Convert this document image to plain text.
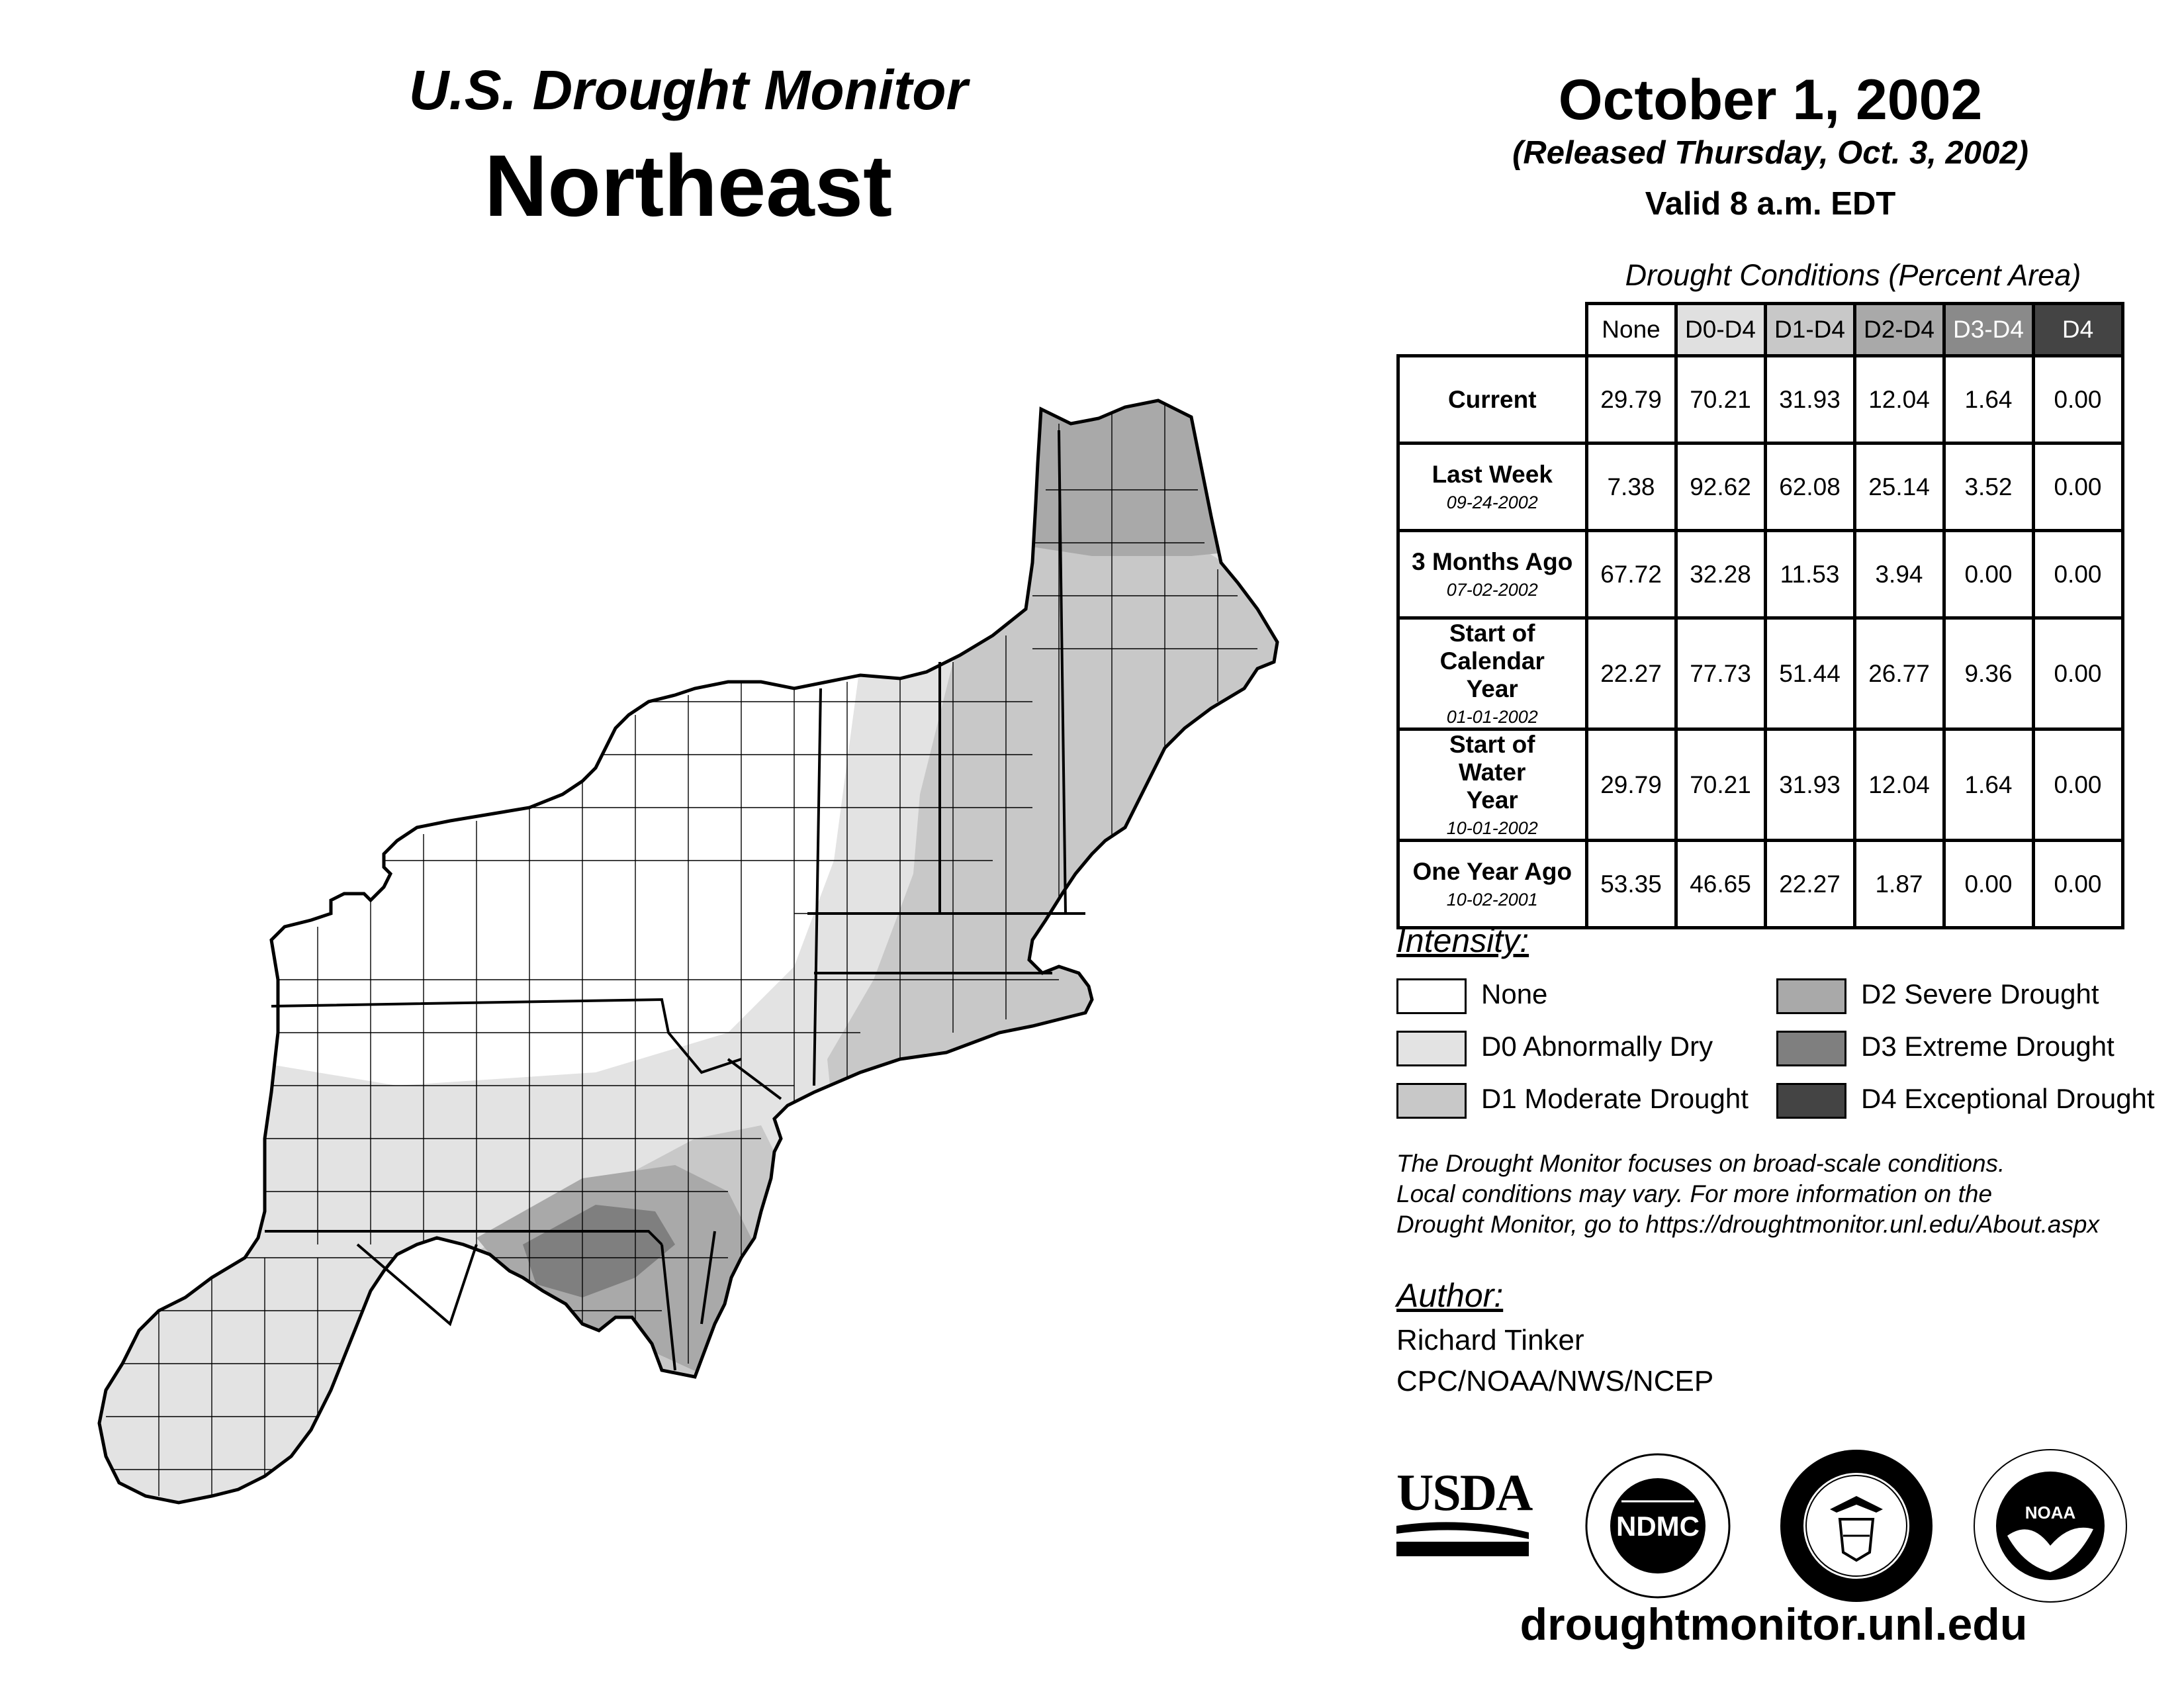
U.S. Drought Monitor
Northeast
October 1, 2002
(Released Thursday, Oct. 3, 2002)
Valid 8 a.m. EDT
Drought Conditions (Percent Area)
	None	D0-D4	D1-D4	D2-D4	D3-D4	D4

Current	29.79	70.21	31.93	12.04	1.64	0.00

Last Week
09-24-2002	7.38	92.62	62.08	25.14	3.52	0.00

3 Months Ago
07-02-2002	67.72	32.28	11.53	3.94	0.00	0.00

Start of Calendar Year
01-01-2002	22.27	77.73	51.44	26.77	9.36	0.00

Start of Water Year
10-01-2002	29.79	70.21	31.93	12.04	1.64	0.00

One Year Ago
10-02-2001	53.35	46.65	22.27	1.87	0.00	0.00
Intensity:
None
D0 Abnormally Dry
D1 Moderate Drought
D2 Severe Drought
D3 Extreme Drought
D4 Exceptional Drought
The Drought Monitor focuses on broad-scale conditions.
Local conditions may vary. For more information on the
Drought Monitor, go to https://droughtmonitor.unl.edu/About.aspx
Author:
Richard Tinker
CPC/NOAA/NWS/NCEP
USDA
NDMC	NOAA
droughtmonitor.unl.edu
